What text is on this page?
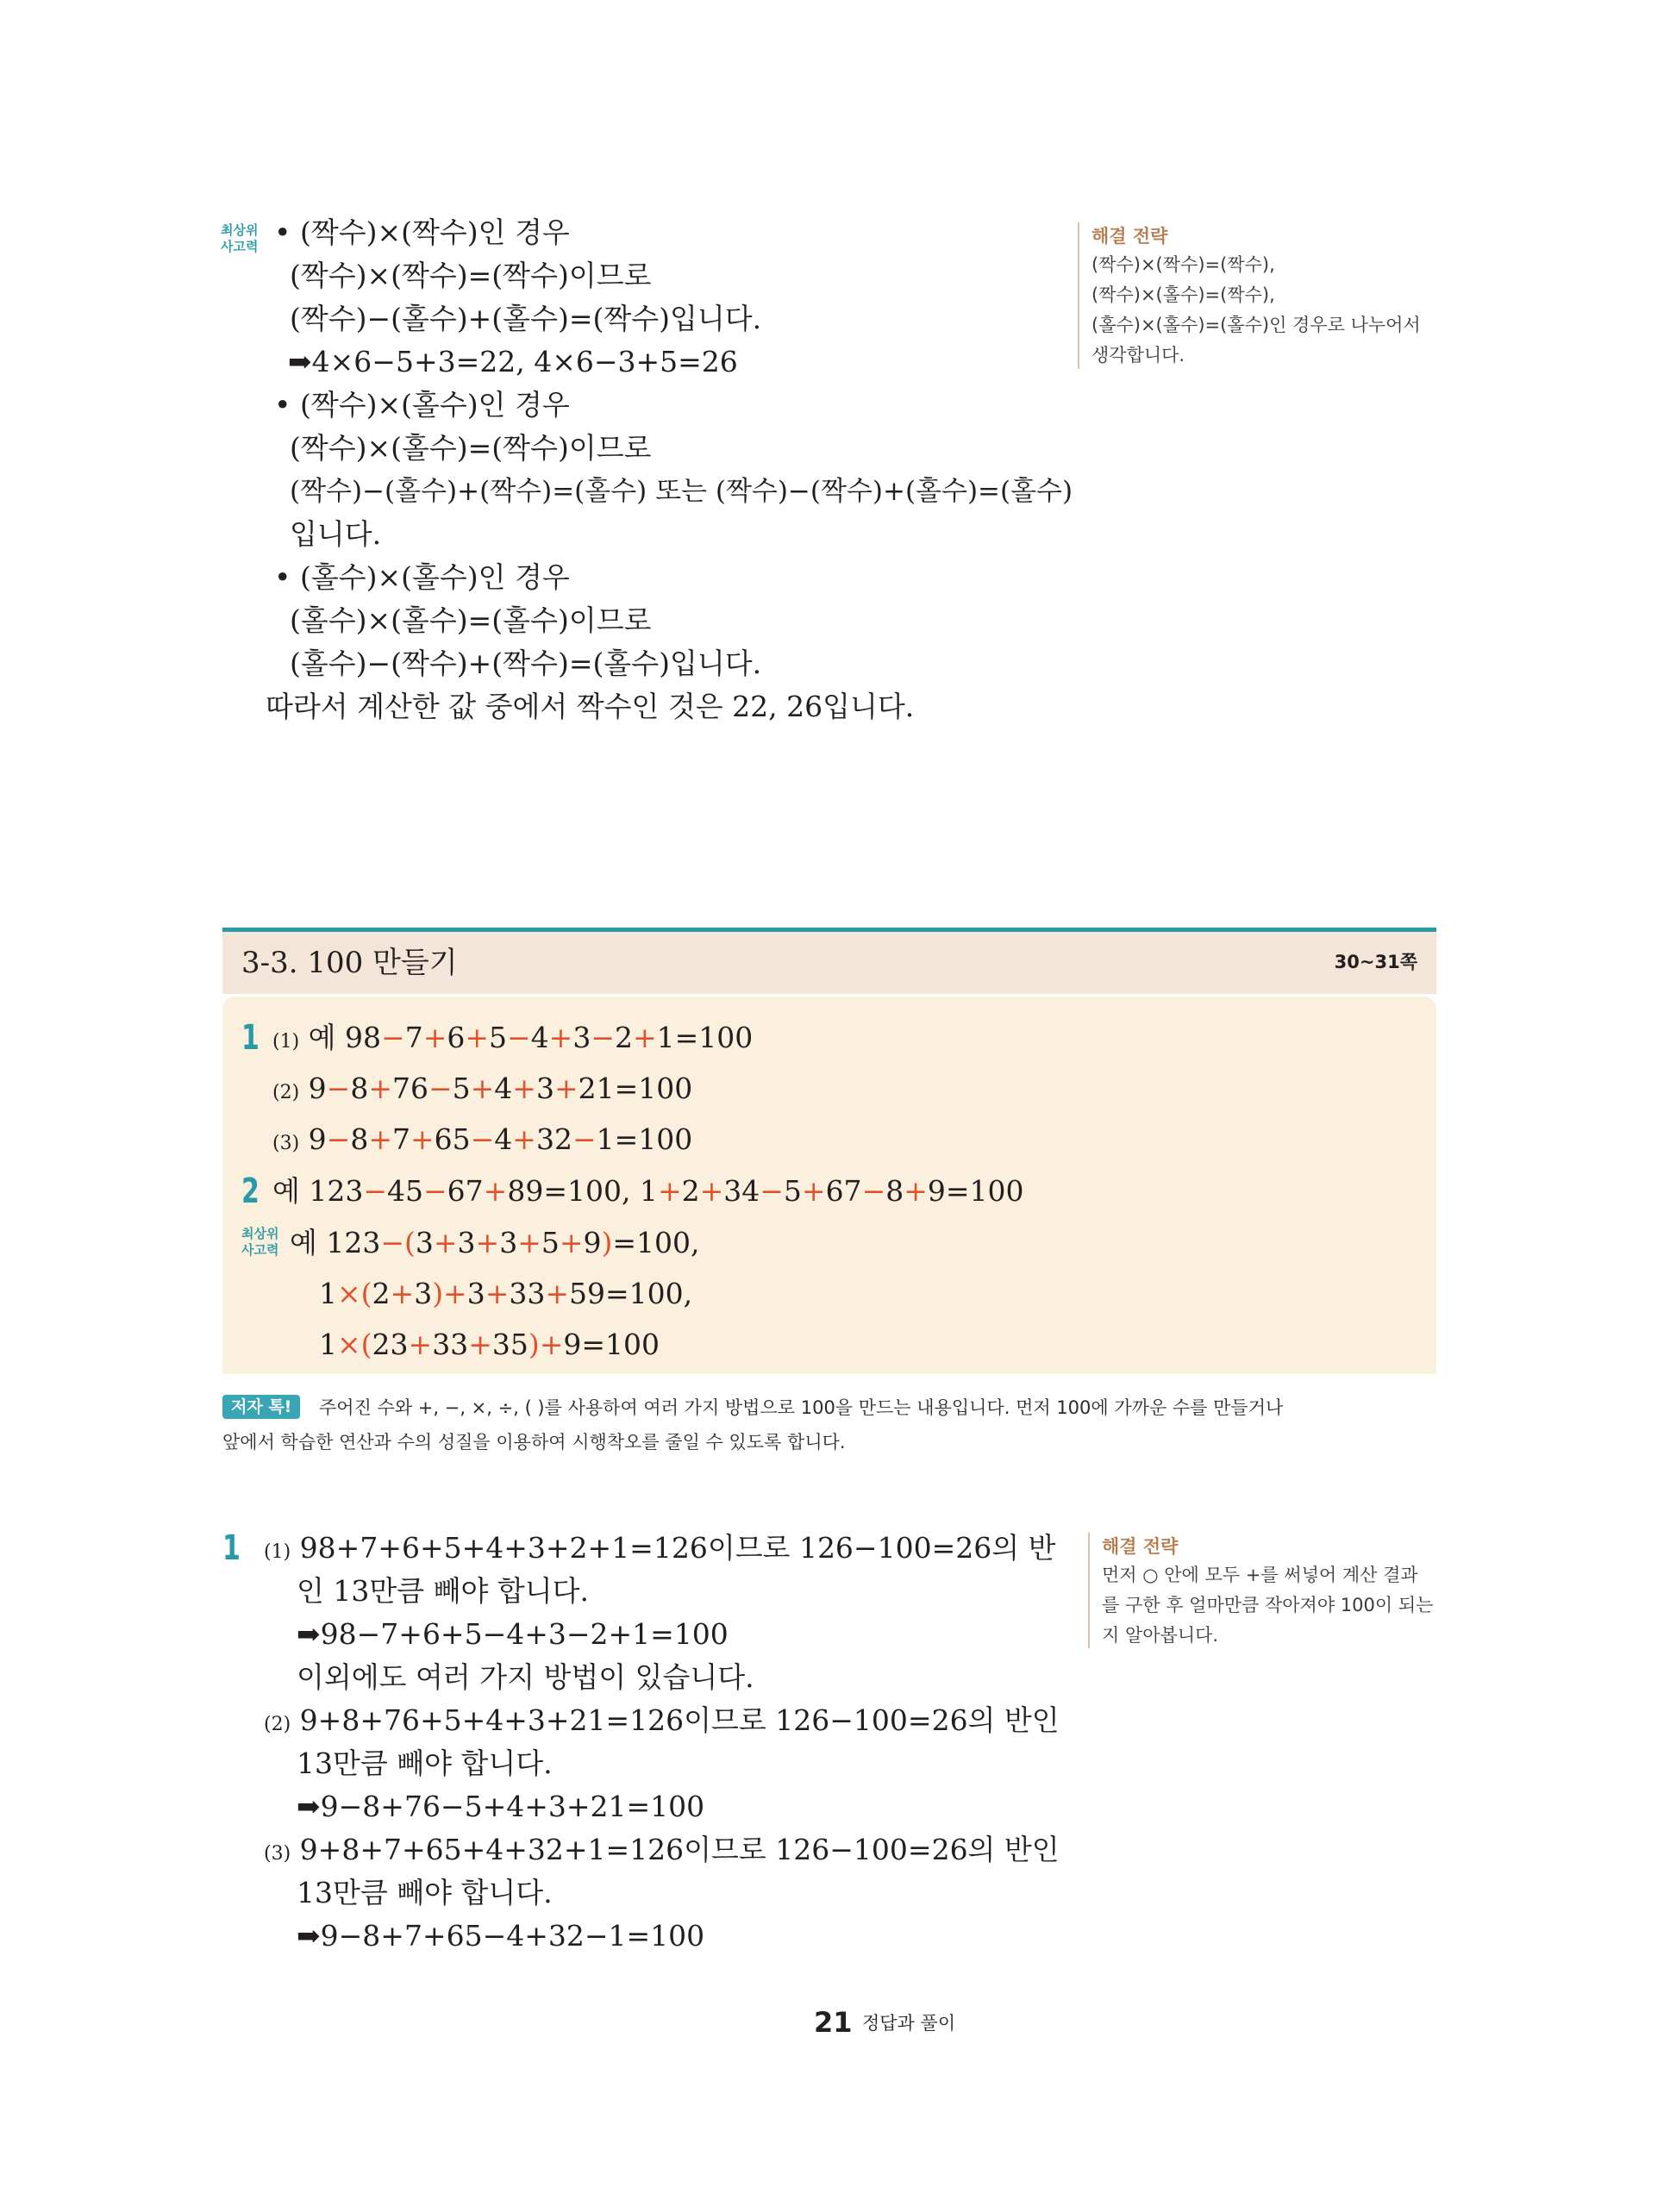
최상위
사고력 • (짝수)×(짝수)인 경우
(짝수)×(짝수)=(짝수)이므로
(짝수)−(홀수)+(홀수)=(짝수)입니다.
➡4×6−5+3=22, 4×6−3+5=26
• (짝수)×(홀수)인 경우
(짝수)×(홀수)=(짝수)이므로
(짝수)−(홀수)+(짝수)=(홀수) 또는 (짝수)−(짝수)+(홀수)=(홀수)
입니다.
• (홀수)×(홀수)인 경우
(홀수)×(홀수)=(홀수)이므로
(홀수)−(짝수)+(짝수)=(홀수)입니다.
따라서 계산한 값 중에서 짝수인 것은 22, 26입니다.
해결 전략
(짝수)×(짝수)=(짝수),
(짝수)×(홀수)=(짝수),
(홀수)×(홀수)=(홀수)인 경우로 나누어서
생각합니다.
3-3. 100 만들기	30~31쪽
1 (1) 예 98−7+6+5−4+3−2+1=100
(2) 9−8+76−5+4+3+21=100
(3) 9−8+7+65−4+32−1=100
2 예 123−45−67+89=100, 1+2+34−5+67−8+9=100
최상위
사고력 예 123−(3+3+3+5+9)=100,
1×(2+3)+3+33+59=100,
1×(23+33+35)+9=100
저자 톡!	주어진 수와 +, −, ×, ÷, ( )를 사용하여 여러 가지 방법으로 100을 만드는 내용입니다. 먼저 100에 가까운 수를 만들거나
앞에서 학습한 연산과 수의 성질을 이용하여 시행착오를 줄일 수 있도록 합니다.
1 (1) 98+7+6+5+4+3+2+1=126이므로 126−100=26의 반
인 13만큼 빼야 합니다.
➡98−7+6+5−4+3−2+1=100
이외에도 여러 가지 방법이 있습니다.
(2) 9+8+76+5+4+3+21=126이므로 126−100=26의 반인
13만큼 빼야 합니다.
➡9−8+76−5+4+3+21=100
(3) 9+8+7+65+4+32+1=126이므로 126−100=26의 반인
13만큼 빼야 합니다.
➡9−8+7+65−4+32−1=100
해결 전략
먼저 ○ 안에 모두 +를 써넣어 계산 결과
를 구한 후 얼마만큼 작아져야 100이 되는
지 알아봅니다.
21 정답과 풀이
